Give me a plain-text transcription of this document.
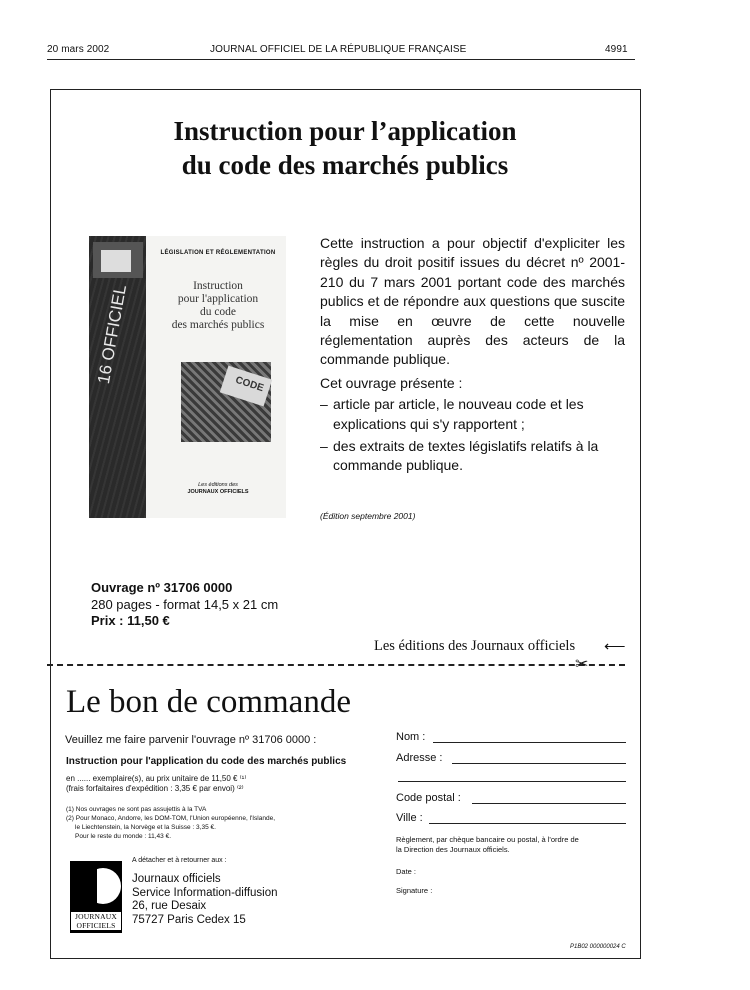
20 mars 2002	JOURNAL OFFICIEL DE LA RÉPUBLIQUE FRANÇAISE	4991
Instruction pour l’application
du code des marchés publics
16 OFFICIEL
LÉGISLATION ET RÉGLEMENTATION
Instruction
pour l'application
du code
des marchés publics
CODE
Les éditions des
JOURNAUX OFFICIELS

Cette instruction a pour objectif d'expliciter les règles du droit positif issues du décret nº 2001-210 du 7 mars 2001 portant code des marchés publics et de répondre aux questions que suscite la mise en œuvre de cette nouvelle réglementation auprès des acteurs de la commande publique.

Cet ouvrage présente :

– article par article, le nouveau code et les explications qui s'y rapportent ;
– des extraits de textes législatifs relatifs à la commande publique.
(Édition septembre 2001)
Ouvrage nº 31706 0000
280 pages - format 14,5 x 21 cm
Prix : 11,50 €
Les éditions des Journaux officiels ⟵
✂
Le bon de commande
Veuillez me faire parvenir l'ouvrage nº 31706 0000 :
Instruction pour l'application du code des marchés publics
en ...... exemplaire(s), au prix unitaire de 11,50 € ⁽¹⁾
(frais forfaitaires d'expédition : 3,35 € par envoi) ⁽²⁾
(1) Nos ouvrages ne sont pas assujettis à la TVA
(2) Pour Monaco, Andorre, les DOM-TOM, l'Union européenne, l'Islande,
le Liechtenstein, la Norvège et la Suisse : 3,35 €.
Pour le reste du monde : 11,43 €.
JOURNAUX
OFFICIELS
A détacher et à retourner aux :
Journaux officiels
Service Information-diffusion
26, rue Desaix
75727 Paris Cedex 15
Nom :
Adresse :
Code postal :
Ville :
Règlement, par chèque bancaire ou postal, à l'ordre de
la Direction des Journaux officiels.
Date :
Signature :
P1B02 000000024 C
